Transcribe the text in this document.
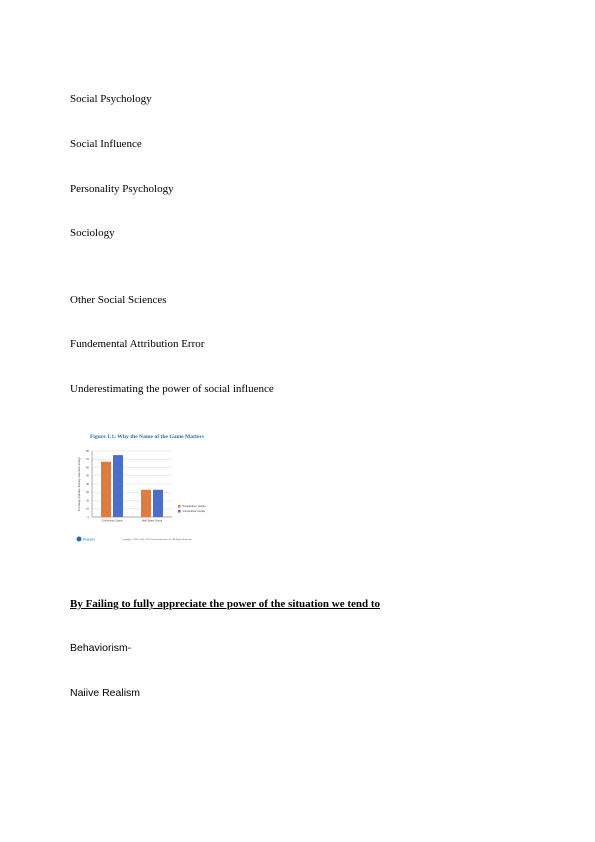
Social Psychology
Social Influence
Personality Psychology
Sociology
Other Social Sciences
Fundemental Attribution Error
Underestimating the power of social influence
Figure 1.1: Why the Name of the Game Matters
0
10
20
30
40
50
60
70
80
Percentage of people choosing cooperative strategy
Community Game	Wall Street Game
"Cooperative" people
"Competitive" people
Pearson	Copyright © 2016, 2013, 2010 Pearson Education, Inc. All Rights Reserved
By Failing to fully appreciate the power of the situation we tend to
Behaviorism-
Naiive Realism
